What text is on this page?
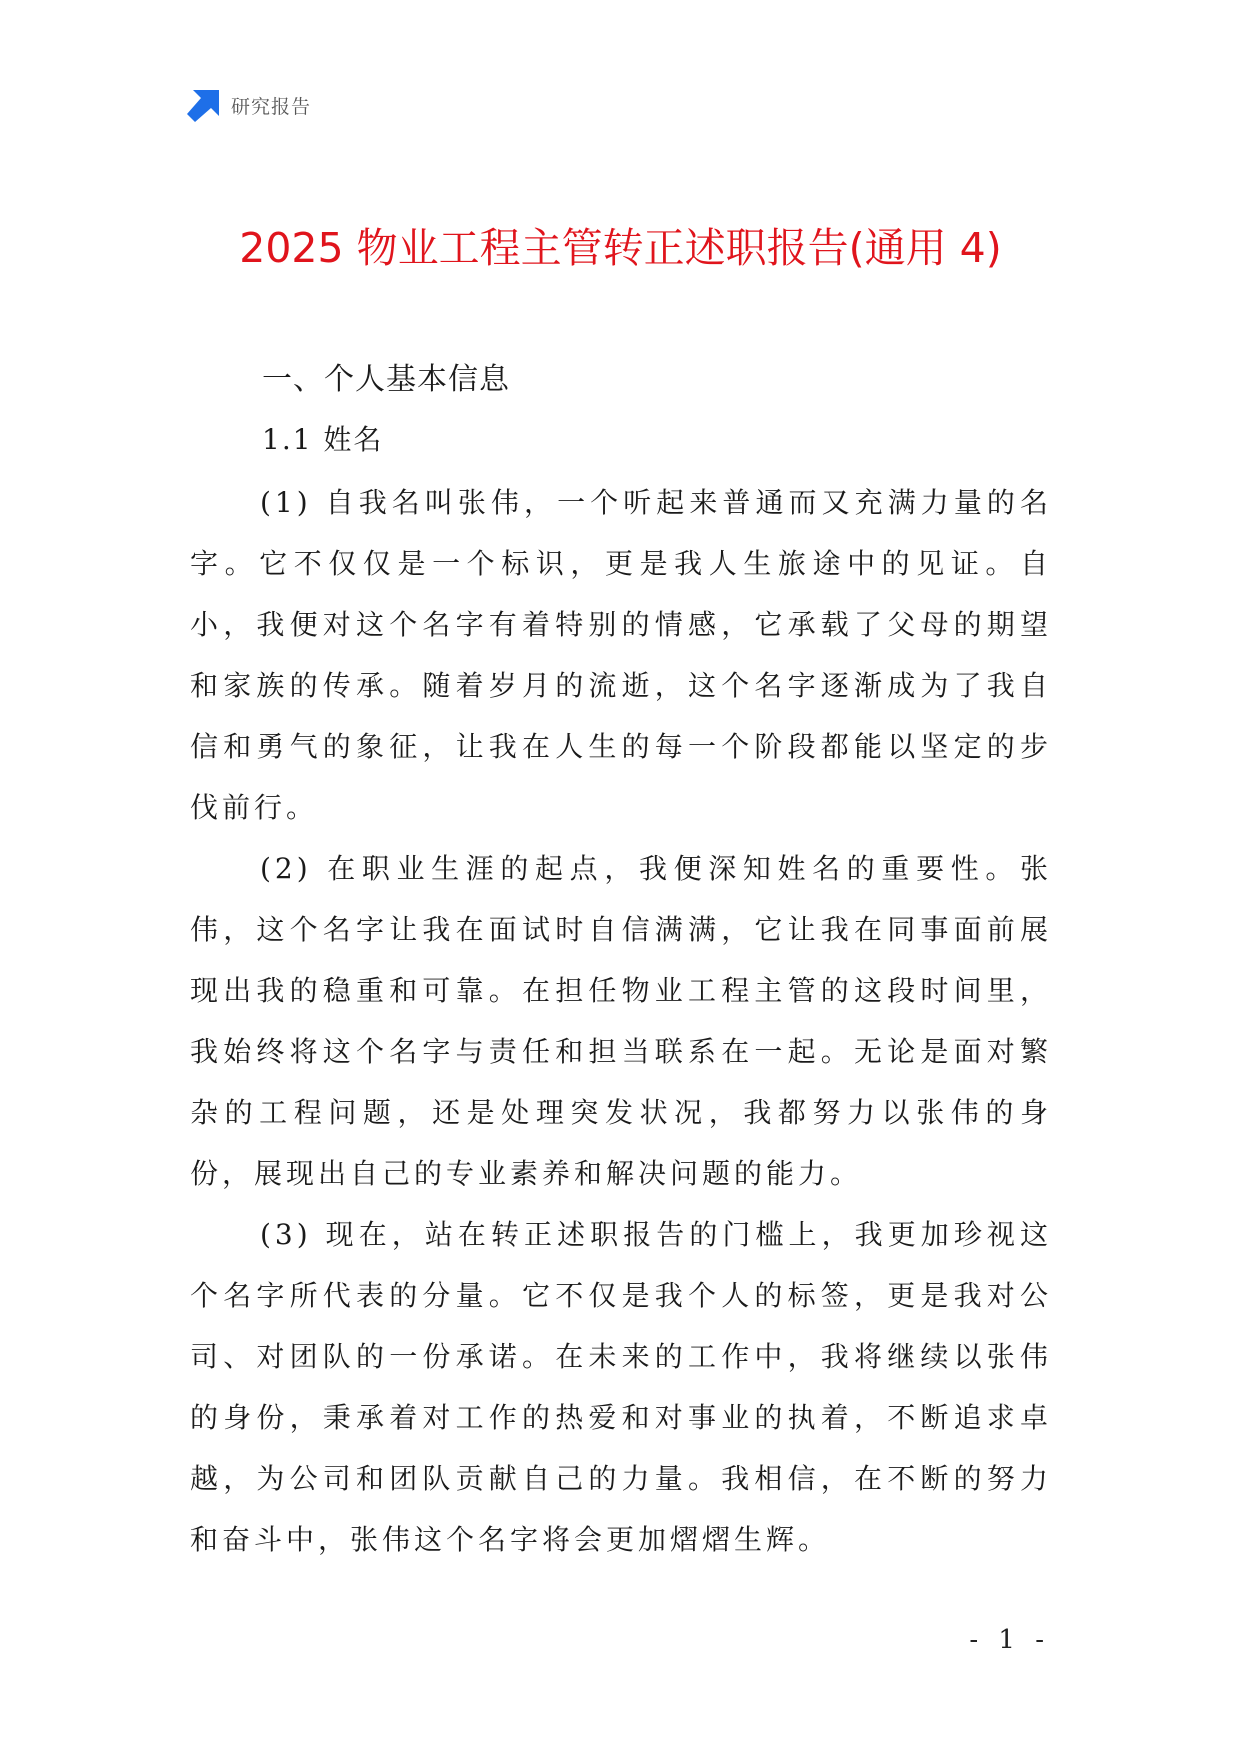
研究报告
2025 物业工程主管转正述职报告(通用 4)
一、个人基本信息
1.1 姓名

(1) 自我名叫张伟，一个听起来普通而又充满力量的名字。它不仅仅是一个标识，更是我人生旅途中的见证。自小，我便对这个名字有着特别的情感，它承载了父母的期望和家族的传承。随着岁月的流逝，这个名字逐渐成为了我自信和勇气的象征，让我在人生的每一个阶段都能以坚定的步伐前行。

(2) 在职业生涯的起点，我便深知姓名的重要性。张伟，这个名字让我在面试时自信满满，它让我在同事面前展现出我的稳重和可靠。在担任物业工程主管的这段时间里，我始终将这个名字与责任和担当联系在一起。无论是面对繁杂的工程问题，还是处理突发状况，我都努力以张伟的身份，展现出自己的专业素养和解决问题的能力。

(3) 现在，站在转正述职报告的门槛上，我更加珍视这个名字所代表的分量。它不仅是我个人的标签，更是我对公司、对团队的一份承诺。在未来的工作中，我将继续以张伟的身份，秉承着对工作的热爱和对事业的执着，不断追求卓越，为公司和团队贡献自己的力量。我相信，在不断的努力和奋斗中，张伟这个名字将会更加熠熠生辉。

- 1 -
